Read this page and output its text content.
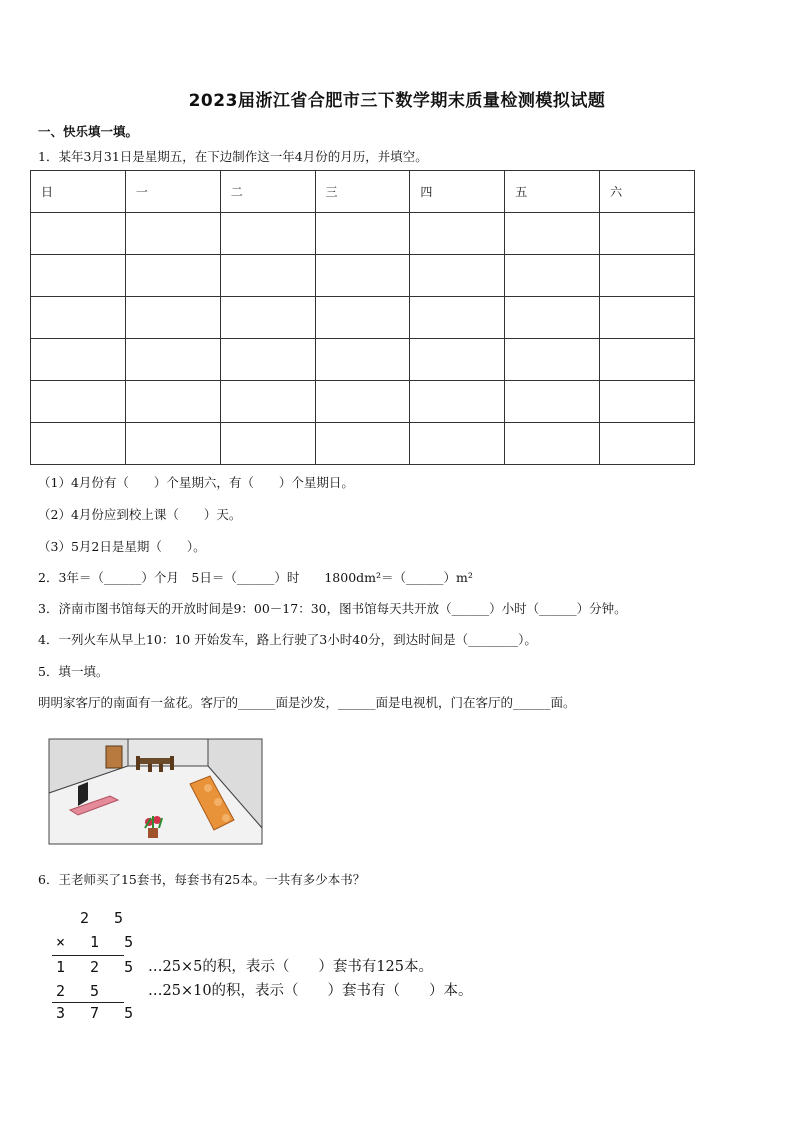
2023届浙江省合肥市三下数学期末质量检测模拟试题
一、快乐填一填。
1．某年3月31日是星期五，在下边制作这一年4月份的月历，并填空。
日	一	二	三	四	五	六

（1）4月份有（　　）个星期六，有（　　）个星期日。
（2）4月份应到校上课（　　）天。
（3）5月2日是星期（　　）。
2．3年＝（______）个月　5日＝（______）时　　1800dm²＝（______）m²
3．济南市图书馆每天的开放时间是9：00－17：30，图书馆每天共开放（______）小时（______）分钟。
4．一列火车从早上10：10 开始发车，路上行驶了3小时40分，到达时间是（________）。
5．填一填。
明明家客厅的南面有一盆花。客厅的______面是沙发，______面是电视机，门在客厅的______面。
6．王老师买了15套书，每套书有25本。一共有多少本书？
2 5
× 1 5
1 2 5
2 5
3 7 5
…25×5的积，表示（　　）套书有125本。
…25×10的积，表示（　　）套书有（　　）本。
